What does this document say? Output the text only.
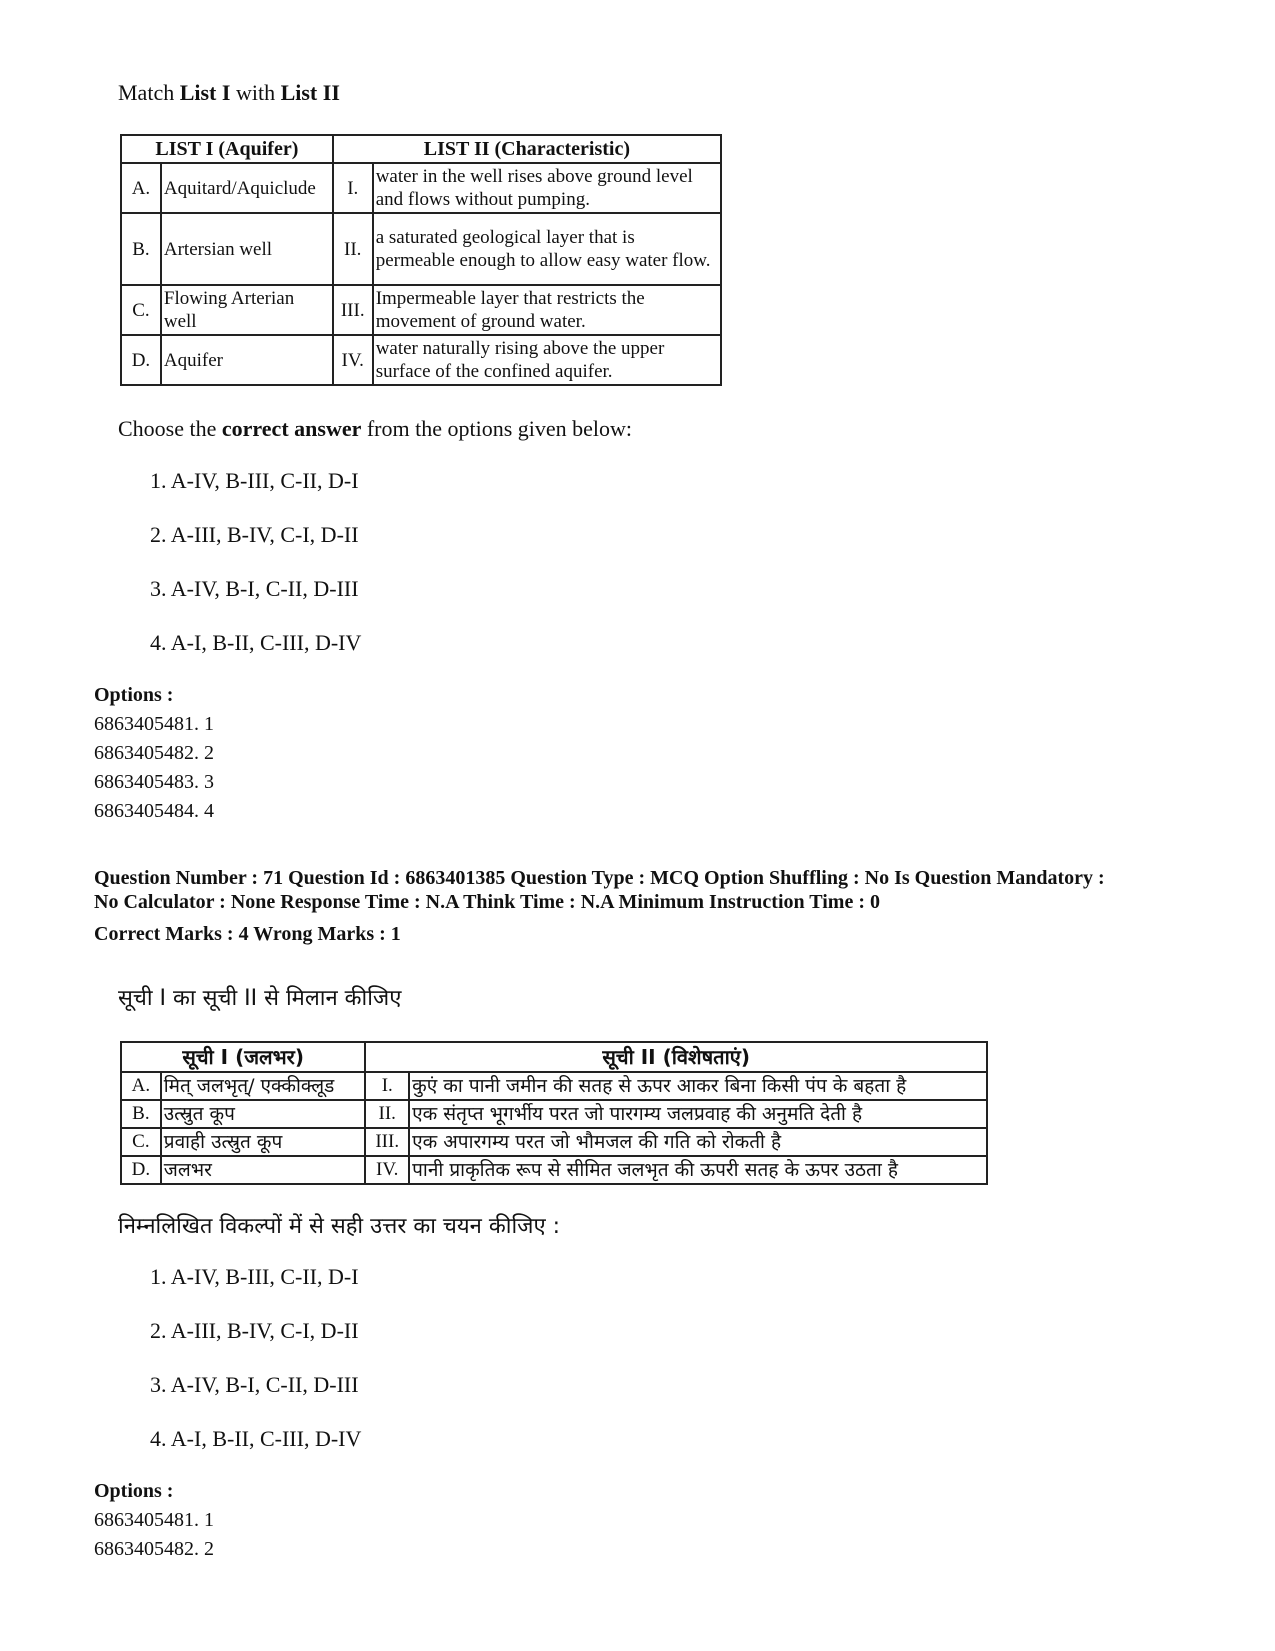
Match List I with List II
LIST I (Aquifer)		LIST II (Characteristic)	
A.	Aquitard/Aquiclude	I.	water in the well rises above ground level and flows without pumping.
B.	Artersian well	II.	a saturated geological layer that is permeable enough to allow easy water flow.
C.	Flowing Arterian well	III.	Impermeable layer that restricts the movement of ground water.
D.	Aquifer	IV.	water naturally rising above the upper surface of the confined aquifer.
Choose the correct answer from the options given below:
1. A-IV, B-III, C-II, D-I
2. A-III, B-IV, C-I, D-II
3. A-IV, B-I, C-II, D-III
4. A-I, B-II, C-III, D-IV
Options :
6863405481. 1
6863405482. 2
6863405483. 3
6863405484. 4
Question Number : 71 Question Id : 6863401385 Question Type : MCQ Option Shuffling : No Is Question Mandatory :
No Calculator : None Response Time : N.A Think Time : N.A Minimum Instruction Time : 0
Correct Marks : 4 Wrong Marks : 1
सूची I का सूची II से मिलान कीजिए
सूची I (जलभर)		सूची II (विशेषताएं)	
A.	मित् जलभृत्/ एक्कीक्लूड	I.	कुएं का पानी जमीन की सतह से ऊपर आकर बिना किसी पंप के बहता है
B.	उत्स्रुत कूप	II.	एक संतृप्त भूगर्भीय परत जो पारगम्य जलप्रवाह की अनुमति देती है
C.	प्रवाही उत्स्रुत कूप	III.	एक अपारगम्य परत जो भौमजल की गति को रोकती है
D.	जलभर	IV.	पानी प्राकृतिक रूप से सीमित जलभृत की ऊपरी सतह के ऊपर उठता है
निम्नलिखित विकल्पों में से सही उत्तर का चयन कीजिए :
1. A-IV, B-III, C-II, D-I
2. A-III, B-IV, C-I, D-II
3. A-IV, B-I, C-II, D-III
4. A-I, B-II, C-III, D-IV
Options :
6863405481. 1
6863405482. 2
